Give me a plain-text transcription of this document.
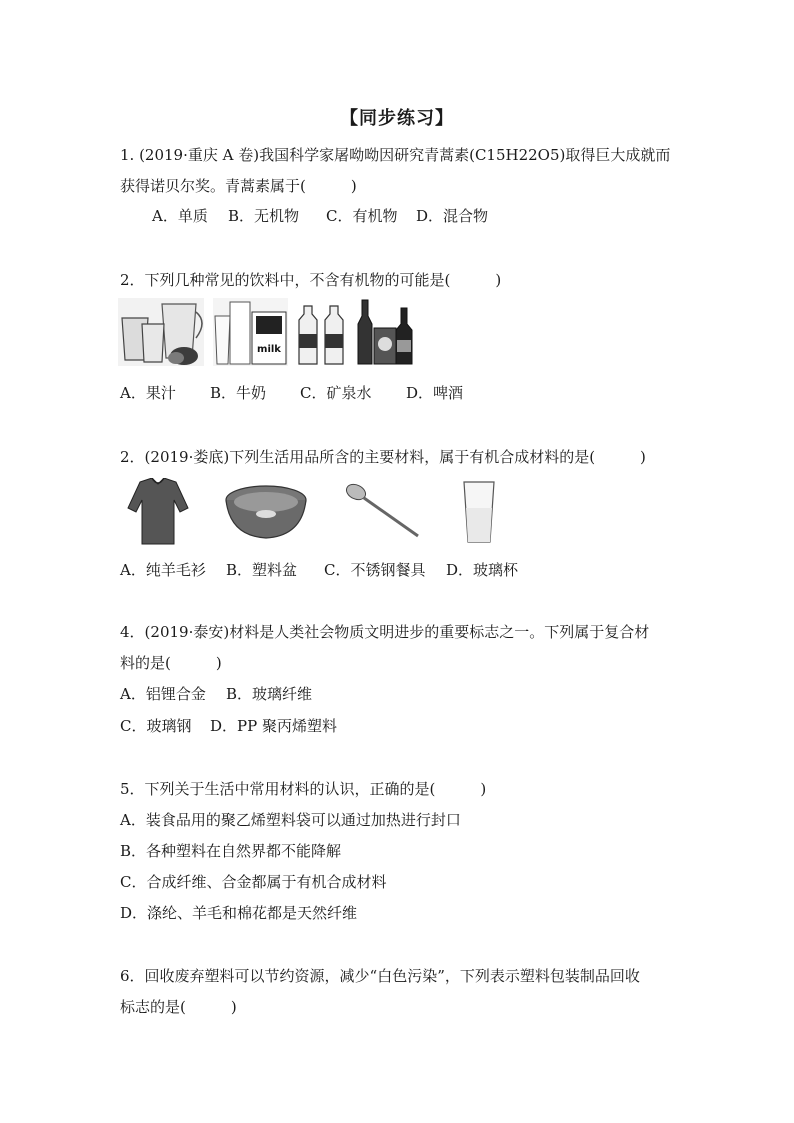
【同步练习】
1. (2019·重庆 A 卷)我国科学家屠呦呦因研究青蒿素(C15H22O5)取得巨大成就而
获得诺贝尔奖。青蒿素属于(　　　)
A．单质 B．无机物 C．有机物 D．混合物
2．下列几种常见的饮料中，不含有机物的可能是(　　　)
milk
A．果汁 B．牛奶 C．矿泉水 D．啤酒
2．(2019·娄底)下列生活用品所含的主要材料，属于有机合成材料的是(　　　)
A．纯羊毛衫 B．塑料盆 C．不锈钢餐具 D．玻璃杯
4．(2019·泰安)材料是人类社会物质文明进步的重要标志之一。下列属于复合材
料的是(　　　)
A．铝锂合金 B．玻璃纤维
C．玻璃钢 D．PP 聚丙烯塑料
5．下列关于生活中常用材料的认识，正确的是(　　　)
A．装食品用的聚乙烯塑料袋可以通过加热进行封口
B．各种塑料在自然界都不能降解
C．合成纤维、合金都属于有机合成材料
D．涤纶、羊毛和棉花都是天然纤维
6．回收废弃塑料可以节约资源，减少“白色污染”，下列表示塑料包装制品回收
标志的是(　　　)
